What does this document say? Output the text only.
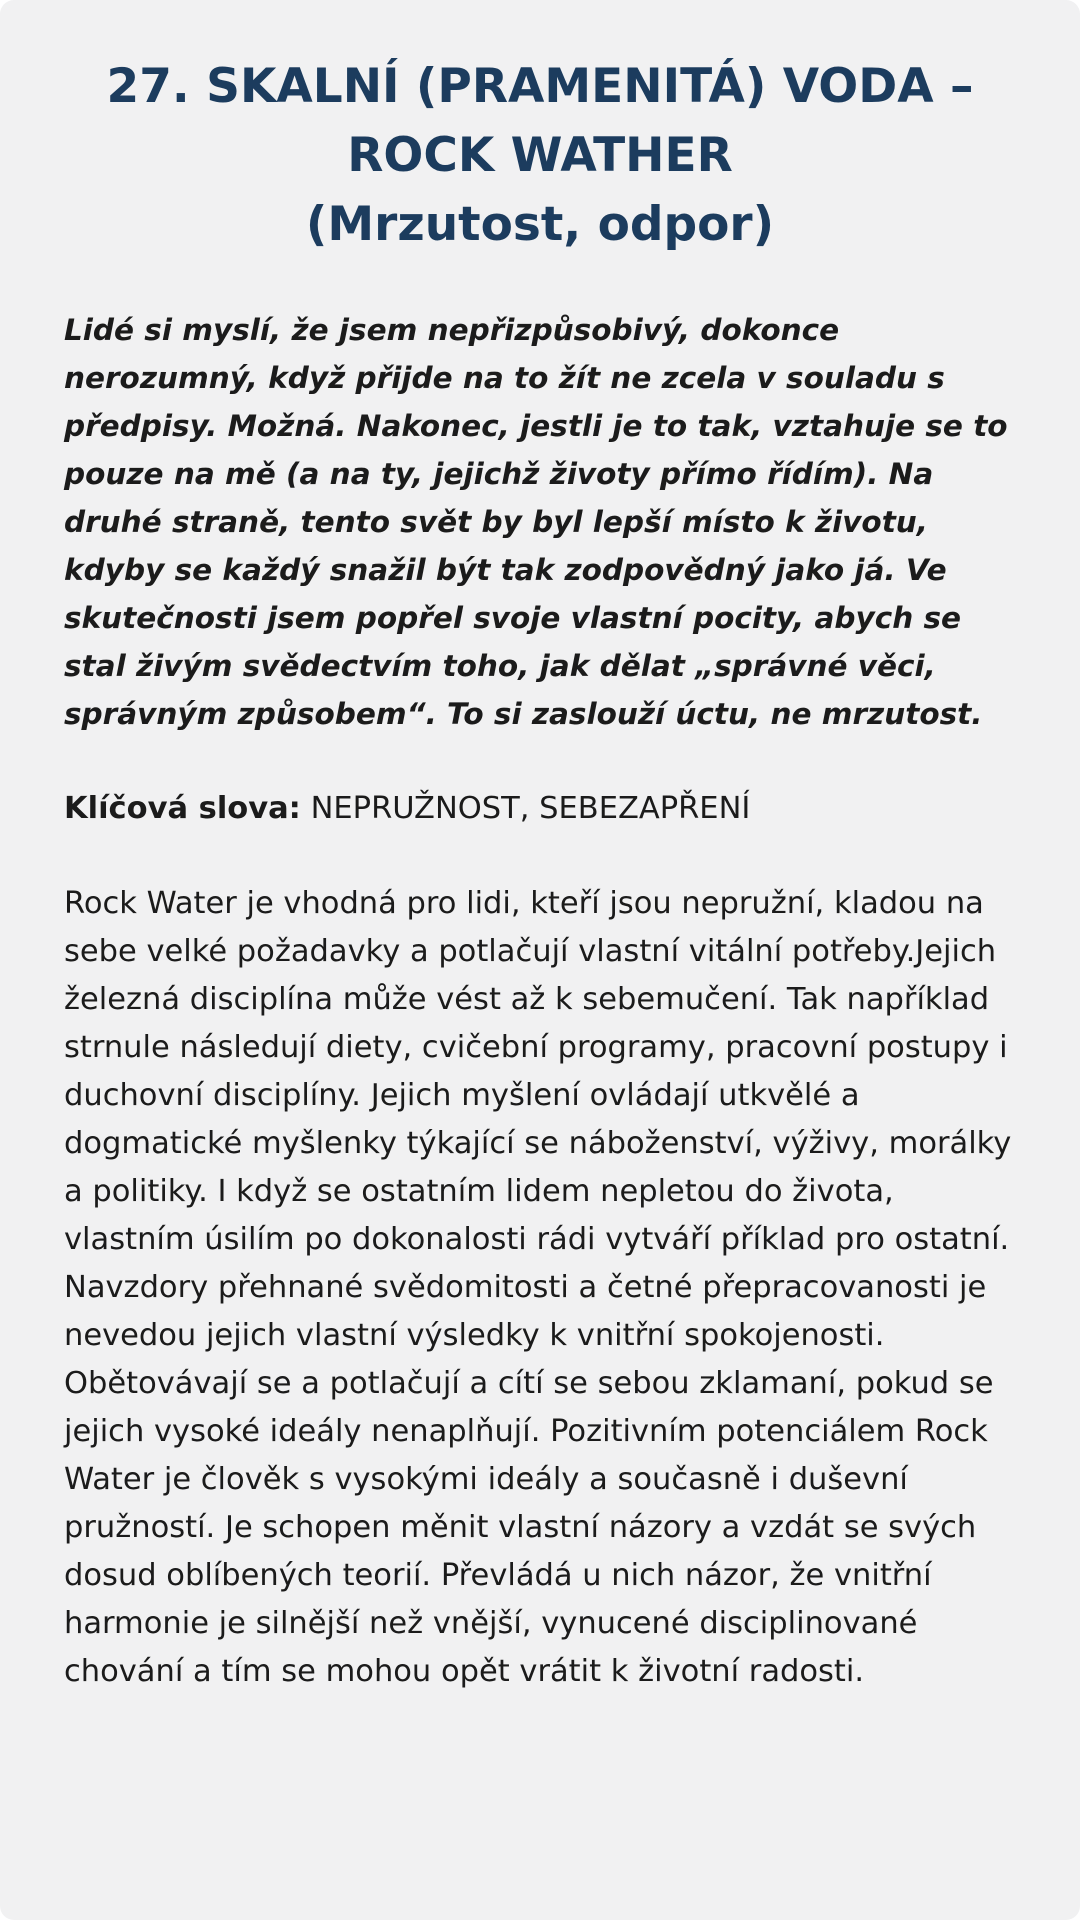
27. SKALNÍ (PRAMENITÁ) VODA –
ROCK WATHER
(Mrzutost, odpor)

Lidé si myslí, že jsem nepřizpůsobivý, dokonce nerozumný, když přijde na to žít ne zcela v souladu s předpisy. Možná. Nakonec, jestli je to tak, vztahuje se to pouze na mě (a na ty, jejichž životy přímo řídím). Na druhé straně, tento svět by byl lepší místo k životu, kdyby se každý snažil být tak zodpovědný jako já. Ve skutečnosti jsem popřel svoje vlastní pocity, abych se stal živým svědectvím toho, jak dělat „správné věci, správným způsobem“. To si zaslouží úctu, ne mrzutost.

Klíčová slova: NEPRUŽNOST, SEBEZAPŘENÍ

Rock Water je vhodná pro lidi, kteří jsou nepružní, kladou na sebe velké požadavky a potlačují vlastní vitální potřeby.Jejich železná disciplína může vést až k sebemučení. Tak například strnule následují diety, cvičební programy, pracovní postupy i duchovní disciplíny. Jejich myšlení ovládají utkvělé a dogmatické myšlenky týkající se náboženství, výživy, morálky a politiky. I když se ostatním lidem nepletou do života, vlastním úsilím po dokonalosti rádi vytváří příklad pro ostatní. Navzdory přehnané svědomitosti a četné přepracovanosti je nevedou jejich vlastní výsledky k vnitřní spokojenosti. Obětovávají se a potlačují a cítí se sebou zklamaní, pokud se jejich vysoké ideály nenaplňují. Pozitivním potenciálem Rock Water je člověk s vysokými ideály a současně i duševní pružností. Je schopen měnit vlastní názory a vzdát se svých dosud oblíbených teorií. Převládá u nich názor, že vnitřní harmonie je silnější než vnější, vynucené disciplinované chování a tím se mohou opět vrátit k životní radosti.
